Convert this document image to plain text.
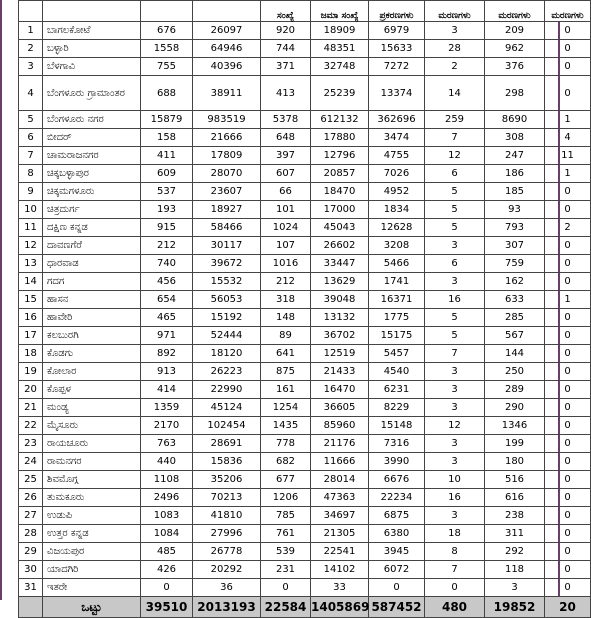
				ಸಂಖ್ಯೆ	ಜಮಾ ಸಂಖ್ಯೆ	ಪ್ರಕರಣಗಳು	ಮರಣಗಳು	ಮರಣಗಳು	ಮರಣಗಳು
1	ಬಾಗಲಕೋಟೆ	676	26097	920	18909	6979	3	209	0
2	ಬಳ್ಳಾರಿ	1558	64946	744	48351	15633	28	962	0
3	ಬೆಳಗಾವಿ	755	40396	371	32748	7272	2	376	0
4	ಬೆಂಗಳೂರು ಗ್ರಾಮಾಂತರ	688	38911	413	25239	13374	14	298	0
5	ಬೆಂಗಳೂರು ನಗರ	15879	983519	5378	612132	362696	259	8690	1
6	ಬೀದರ್	158	21666	648	17880	3474	7	308	4
7	ಚಾಮರಾಜನಗರ	411	17809	397	12796	4755	12	247	11
8	ಚಿಕ್ಕಬಳ್ಳಾಪುರ	609	28070	607	20857	7026	6	186	1
9	ಚಿಕ್ಕಮಗಳೂರು	537	23607	66	18470	4952	5	185	0
10	ಚಿತ್ರದುರ್ಗ	193	18927	101	17000	1834	5	93	0
11	ದಕ್ಷಿಣ ಕನ್ನಡ	915	58466	1024	45043	12628	5	793	2
12	ದಾವಣಗೆರೆ	212	30117	107	26602	3208	3	307	0
13	ಧಾರವಾಡ	740	39672	1016	33447	5466	6	759	0
14	ಗದಗ	456	15532	212	13629	1741	3	162	0
15	ಹಾಸನ	654	56053	318	39048	16371	16	633	1
16	ಹಾವೇರಿ	465	15192	148	13132	1775	5	285	0
17	ಕಲಬುರಗಿ	971	52444	89	36702	15175	5	567	0
18	ಕೊಡಗು	892	18120	641	12519	5457	7	144	0
19	ಕೋಲಾರ	913	26223	875	21433	4540	3	250	0
20	ಕೊಪ್ಪಳ	414	22990	161	16470	6231	3	289	0
21	ಮಂಡ್ಯ	1359	45124	1254	36605	8229	3	290	0
22	ಮೈಸೂರು	2170	102454	1435	85960	15148	12	1346	0
23	ರಾಯಚೂರು	763	28691	778	21176	7316	3	199	0
24	ರಾಮನಗರ	440	15836	682	11666	3990	3	180	0
25	ಶಿವಮೊಗ್ಗ	1108	35206	677	28014	6676	10	516	0
26	ತುಮಕೂರು	2496	70213	1206	47363	22234	16	616	0
27	ಉಡುಪಿ	1083	41810	785	34697	6875	3	238	0
28	ಉತ್ತರ ಕನ್ನಡ	1084	27996	761	21305	6380	18	311	0
29	ವಿಜಯಪುರ	485	26778	539	22541	3945	8	292	0
30	ಯಾದಗಿರಿ	426	20292	231	14102	6072	7	118	0
31	ಇತರೇ	0	36	0	33	0	0	3	0
	ಒಟ್ಟು	39510	2013193	22584	1405869	587452	480	19852	20
